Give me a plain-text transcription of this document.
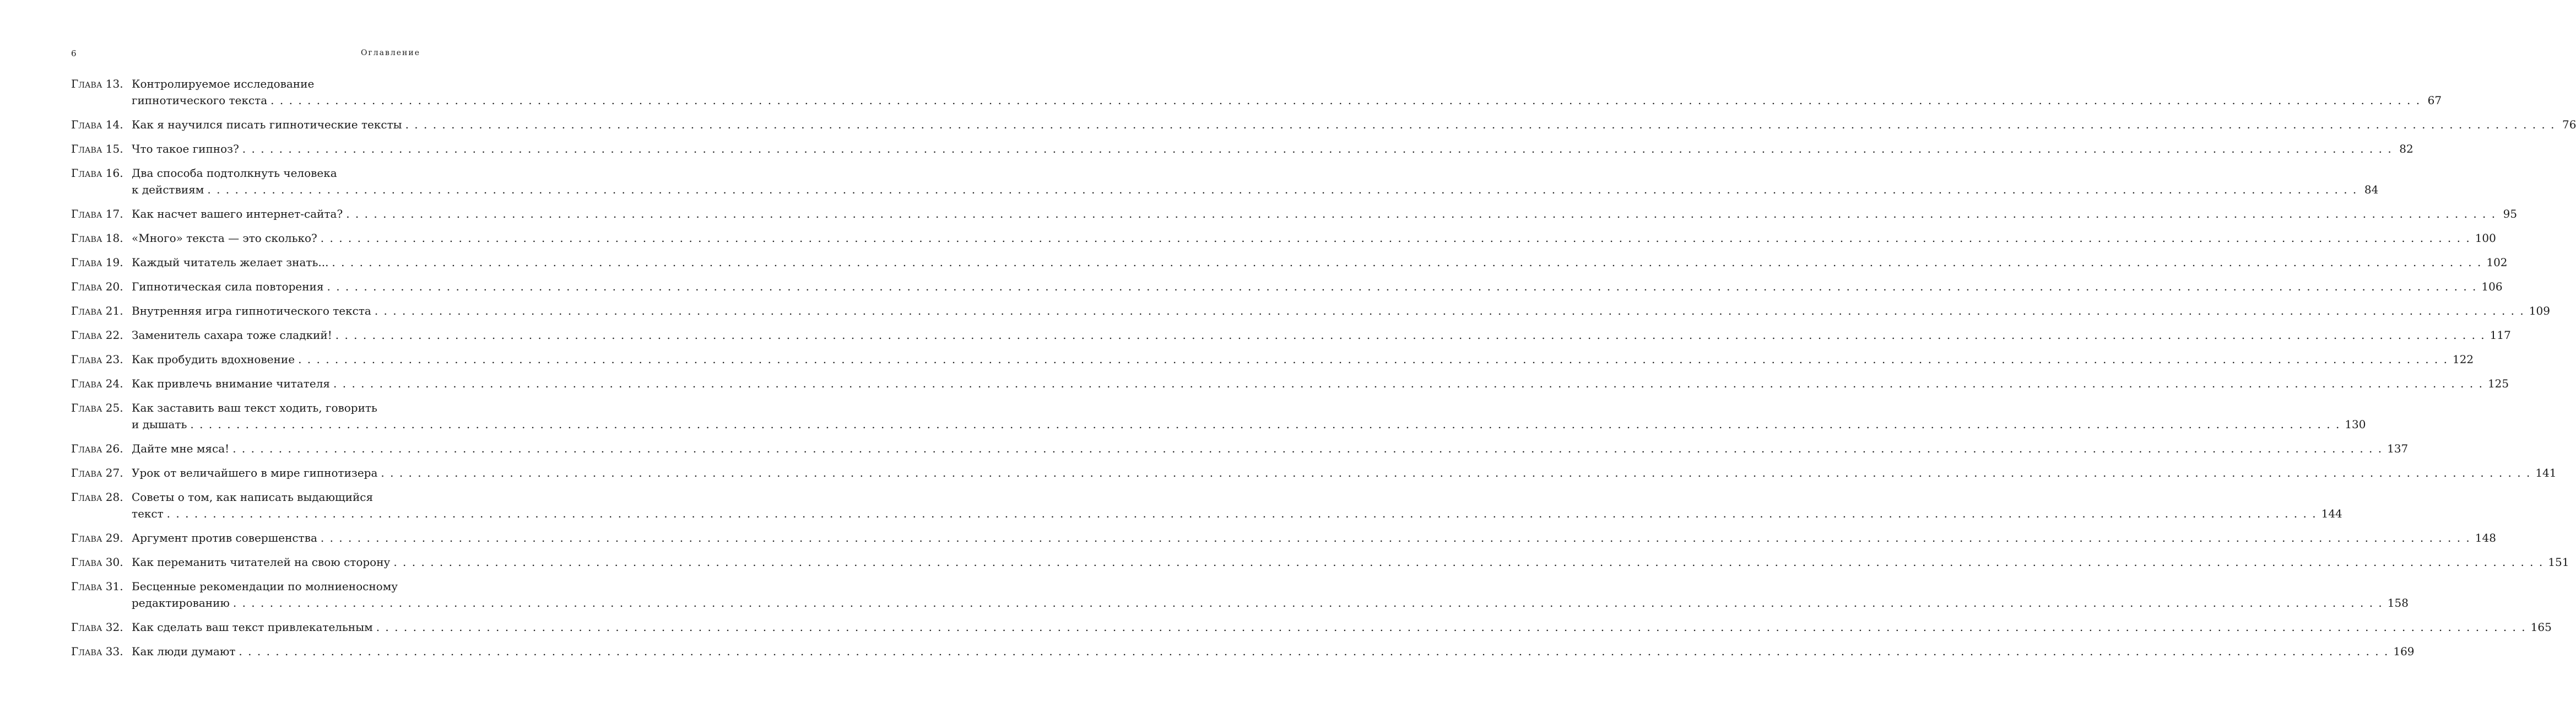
6	Оглавление
Глава 13. Контролируемое исследование
гипнотического текста . . .	67
Глава 14. Как я научился писать гипнотические тексты . . .	76
Глава 15. Что такое гипноз? . . .	82
Глава 16. Два способа подтолкнуть человека
к действиям . . .	84
Глава 17. Как насчет вашего интернет-сайта? . . .	95
Глава 18. «Много» текста — это сколько? . . .	100
Глава 19. Каждый читатель желает знать... . . .	102
Глава 20. Гипнотическая сила повторения . . .	106
Глава 21. Внутренняя игра гипнотического текста . . .	109
Глава 22. Заменитель сахара тоже сладкий! . . .	117
Глава 23. Как пробудить вдохновение . . .	122
Глава 24. Как привлечь внимание читателя . . .	125
Глава 25. Как заставить ваш текст ходить, говорить
и дышать . . .	130
Глава 26. Дайте мне мяса! . . .	137
Глава 27. Урок от величайшего в мире гипнотизера . . .	141
Глава 28. Советы о том, как написать выдающийся
текст . . .	144
Глава 29. Аргумент против совершенства . . .	148
Глава 30. Как переманить читателей на свою сторону . . .	151
Глава 31. Бесценные рекомендации по молниеносному
редактированию . . .	158
Глава 32. Как сделать ваш текст привлекательным . . .	165
Глава 33. Как люди думают . . .	169
